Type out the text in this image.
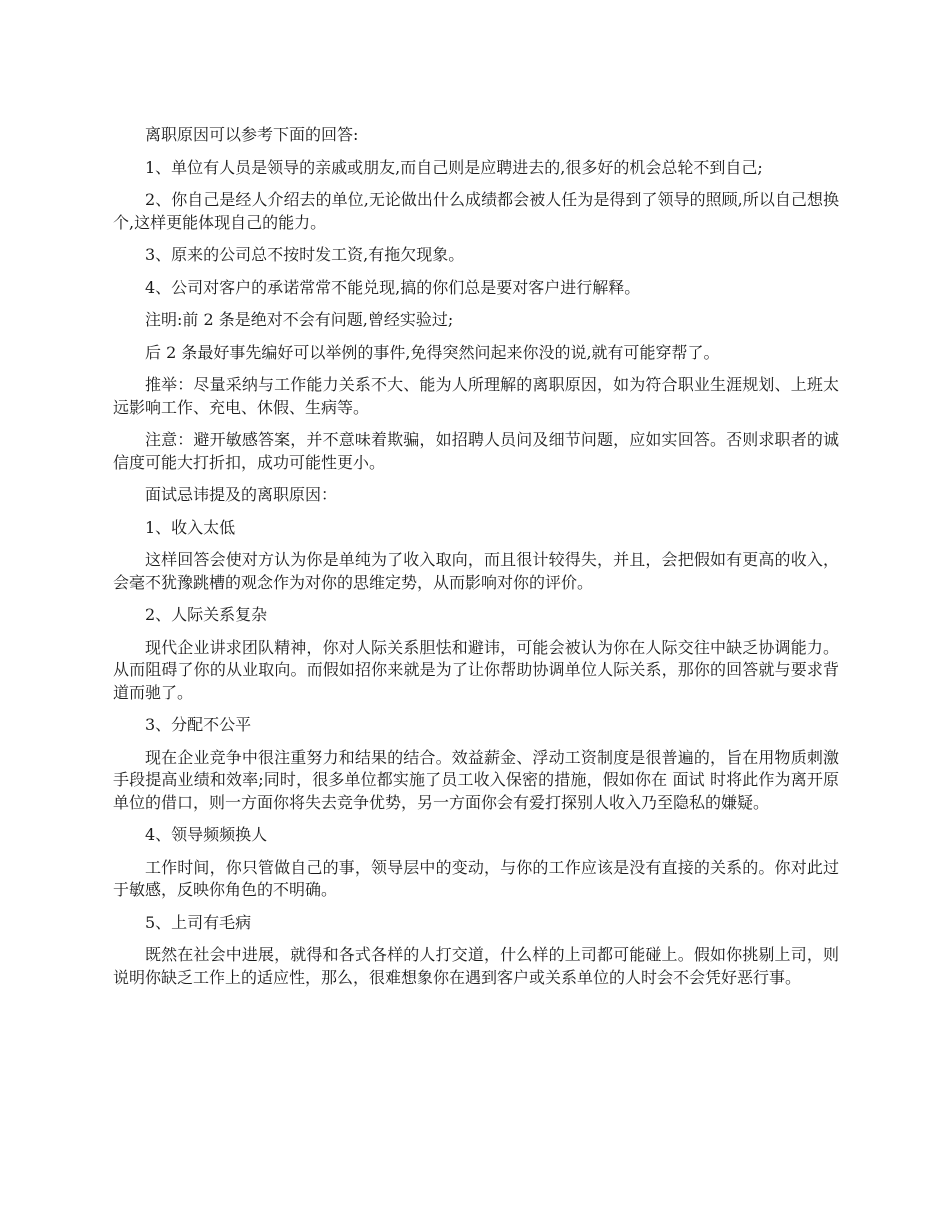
离职原因可以参考下面的回答:

1、单位有人员是领导的亲戚或朋友,而自己则是应聘进去的,很多好的机会总轮不到自己;

2、你自己是经人介绍去的单位,无论做出什么成绩都会被人任为是得到了领导的照顾,所以自己想换个,这样更能体现自己的能力。

3、原来的公司总不按时发工资,有拖欠现象。

4、公司对客户的承诺常常不能兑现,搞的你们总是要对客户进行解释。

注明:前 2 条是绝对不会有问题,曾经实验过;

后 2 条最好事先编好可以举例的事件,免得突然问起来你没的说,就有可能穿帮了。

推举：尽量采纳与工作能力关系不大、能为人所理解的离职原因，如为符合职业生涯规划、上班太远影响工作、充电、休假、生病等。

注意：避开敏感答案，并不意味着欺骗，如招聘人员问及细节问题，应如实回答。否则求职者的诚信度可能大打折扣，成功可能性更小。

面试忌讳提及的离职原因：

1、收入太低

这样回答会使对方认为你是单纯为了收入取向，而且很计较得失，并且，会把假如有更高的收入，会毫不犹豫跳槽的观念作为对你的思维定势，从而影响对你的评价。

2、人际关系复杂

现代企业讲求团队精神，你对人际关系胆怯和避讳，可能会被认为你在人际交往中缺乏协调能力。从而阻碍了你的从业取向。而假如招你来就是为了让你帮助协调单位人际关系，那你的回答就与要求背道而驰了。

3、分配不公平

现在企业竞争中很注重努力和结果的结合。效益薪金、浮动工资制度是很普遍的，旨在用物质刺激手段提高业绩和效率;同时，很多单位都实施了员工收入保密的措施，假如你在 面试 时将此作为离开原单位的借口，则一方面你将失去竞争优势，另一方面你会有爱打探别人收入乃至隐私的嫌疑。

4、领导频频换人

工作时间，你只管做自己的事，领导层中的变动，与你的工作应该是没有直接的关系的。你对此过于敏感，反映你角色的不明确。

5、上司有毛病

既然在社会中进展，就得和各式各样的人打交道，什么样的上司都可能碰上。假如你挑剔上司，则说明你缺乏工作上的适应性，那么，很难想象你在遇到客户或关系单位的人时会不会凭好恶行事。
